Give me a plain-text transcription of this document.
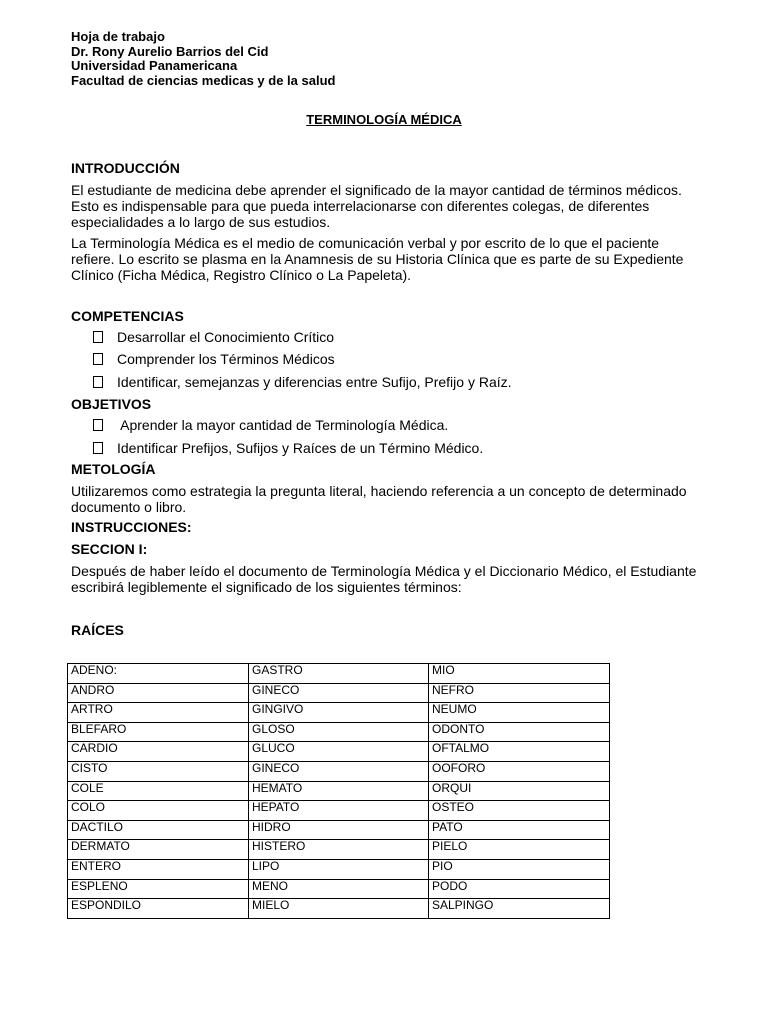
Hoja de trabajo
Dr. Rony Aurelio Barrios del Cid
Universidad Panamericana
Facultad de ciencias medicas y de la salud
TERMINOLOGÍA MÉDICA
INTRODUCCIÓN

El estudiante de medicina debe aprender el significado de la mayor cantidad de términos médicos. Esto es indispensable para que pueda interrelacionarse con diferentes colegas, de diferentes especialidades a lo largo de sus estudios.

La Terminología Médica es el medio de comunicación verbal y por escrito de lo que el paciente refiere. Lo escrito se plasma en la Anamnesis de su Historia Clínica que es parte de su Expediente Clínico (Ficha Médica, Registro Clínico o La Papeleta).

COMPETENCIAS
Desarrollar el Conocimiento Crítico
Comprender los Términos Médicos
Identificar, semejanzas y diferencias entre Sufijo, Prefijo y Raíz.
OBJETIVOS
Aprender la mayor cantidad de Terminología Médica.
Identificar Prefijos, Sufijos y Raíces de un Término Médico.
METOLOGÍA

Utilizaremos como estrategia la pregunta literal, haciendo referencia a un concepto de determinado documento o libro.

INSTRUCCIONES:
SECCION I:

Después de haber leído el documento de Terminología Médica y el Diccionario Médico, el Estudiante escribirá legiblemente el significado de los siguientes términos:

RAÍCES
ADENO:	GASTRO	MIO
ANDRO	GINECO	NEFRO
ARTRO	GINGIVO	NEUMO
BLEFARO	GLOSO	ODONTO
CARDIO	GLUCO	OFTALMO
CISTO	GINECO	OOFORO
COLE	HEMATO	ORQUI
COLO	HEPATO	OSTEO
DACTILO	HIDRO	PATO
DERMATO	HISTERO	PIELO
ENTERO	LIPO	PIO
ESPLENO	MENO	PODO
ESPONDILO	MIELO	SALPINGO
